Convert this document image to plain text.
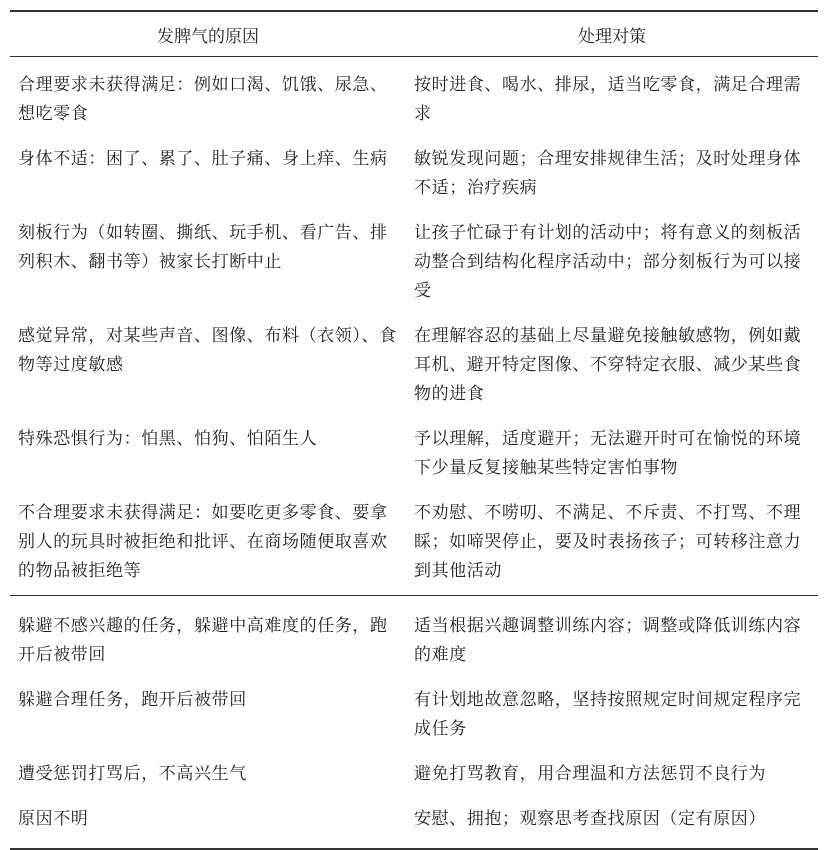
发脾气的原因	处理对策
合理要求未获得满足：例如口渴、饥饿、尿急、想吃零食	按时进食、喝水、排尿，适当吃零食，满足合理需求
身体不适：困了、累了、肚子痛、身上痒、生病	敏锐发现问题；合理安排规律生活；及时处理身体不适；治疗疾病
刻板行为（如转圈、撕纸、玩手机、看广告、排列积木、翻书等）被家长打断中止	让孩子忙碌于有计划的活动中；将有意义的刻板活动整合到结构化程序活动中；部分刻板行为可以接受
感觉异常，对某些声音、图像、布料（衣领）、食物等过度敏感	在理解容忍的基础上尽量避免接触敏感物，例如戴耳机、避开特定图像、不穿特定衣服、减少某些食物的进食
特殊恐惧行为：怕黑、怕狗、怕陌生人	予以理解，适度避开；无法避开时可在愉悦的环境下少量反复接触某些特定害怕事物
不合理要求未获得满足：如要吃更多零食、要拿别人的玩具时被拒绝和批评、在商场随便取喜欢的物品被拒绝等	不劝慰、不唠叨、不满足、不斥责、不打骂、不理睬；如啼哭停止，要及时表扬孩子；可转移注意力到其他活动
躲避不感兴趣的任务，躲避中高难度的任务，跑开后被带回	适当根据兴趣调整训练内容；调整或降低训练内容的难度
躲避合理任务，跑开后被带回	有计划地故意忽略，坚持按照规定时间规定程序完成任务
遭受惩罚打骂后，不高兴生气	避免打骂教育，用合理温和方法惩罚不良行为
原因不明	安慰、拥抱；观察思考查找原因（定有原因）
